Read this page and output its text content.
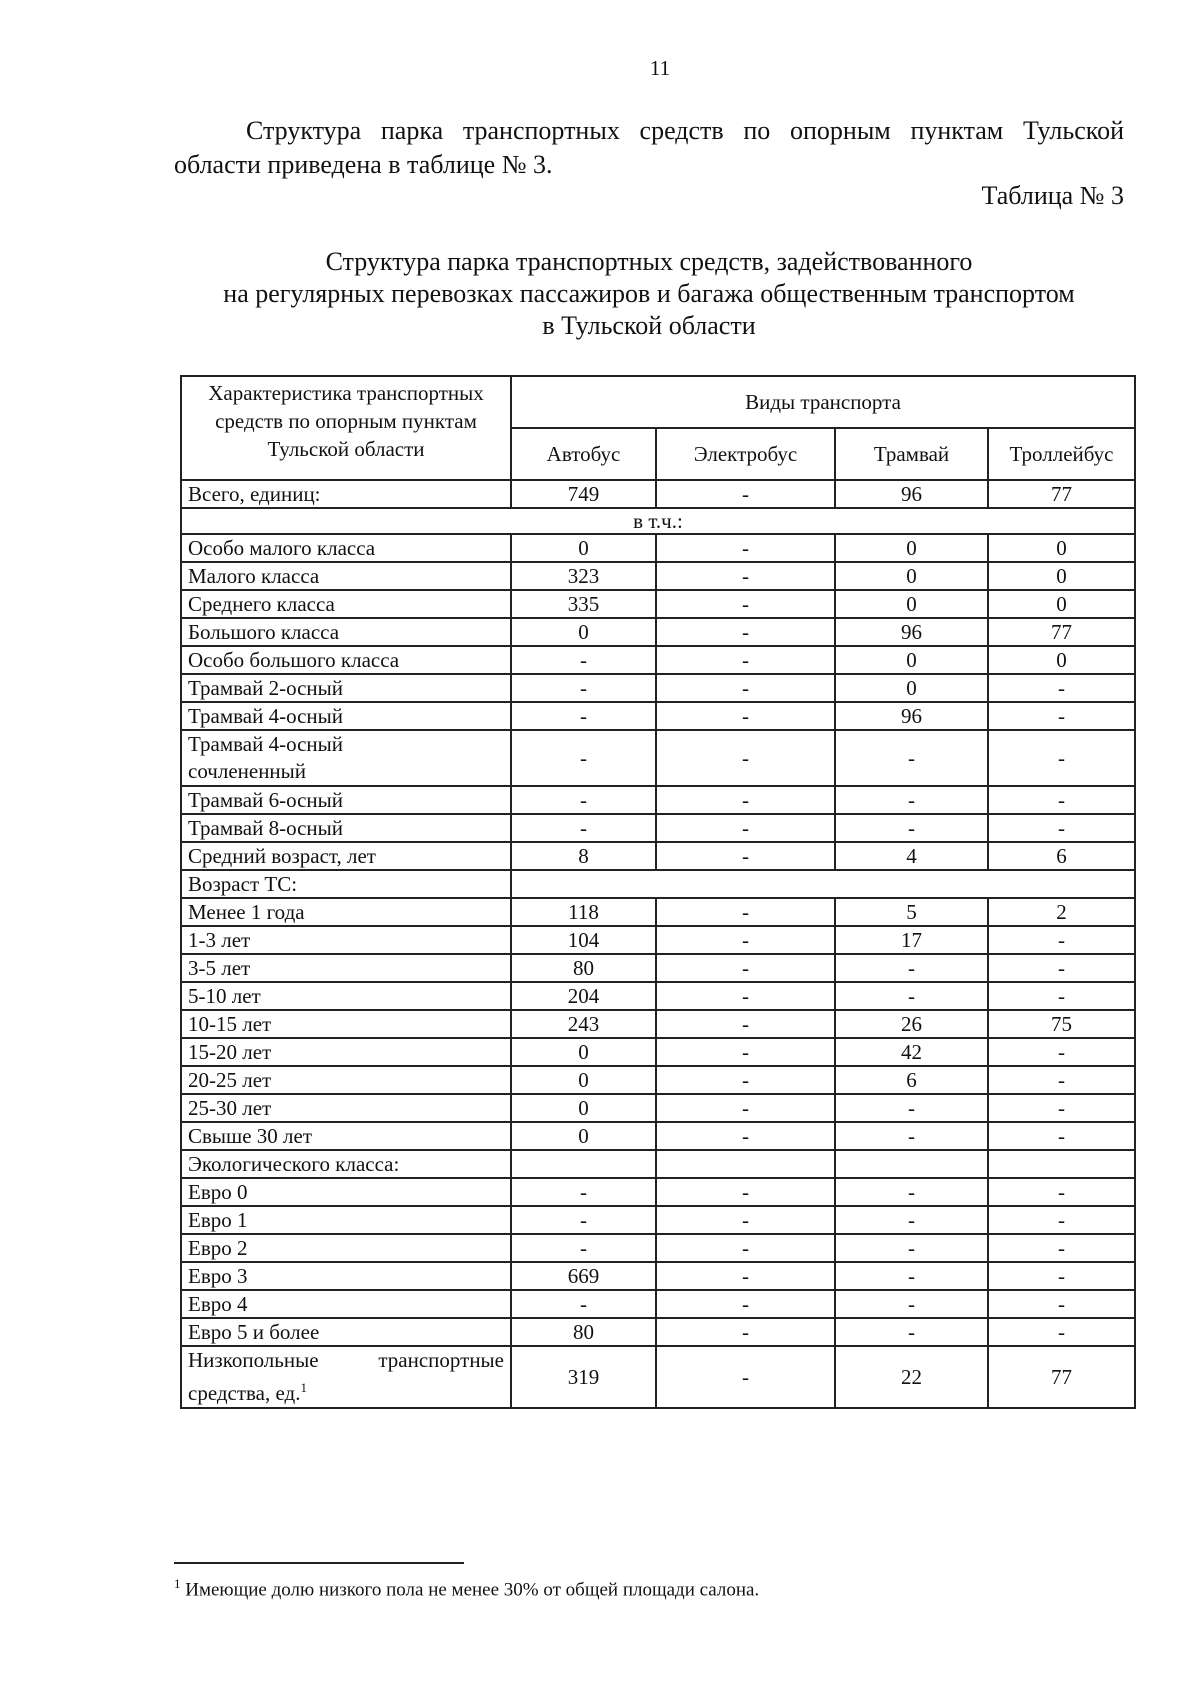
11

Структура парка транспортных средств по опорным пунктам Тульской области приведена в таблице № 3.

Таблица № 3
Структура парка транспортных средств, задействованного
на регулярных перевозках пассажиров и багажа общественным транспортом
в Тульской области
Характеристика транспортных средств по опорным пунктам Тульской области	Виды транспорта			
	Автобус	Электробус	Трамвай	Троллейбус
Всего, единиц:	749	-	96	77
в т.ч.:				
Особо малого класса	0	-	0	0
Малого класса	323	-	0	0
Среднего класса	335	-	0	0
Большого класса	0	-	96	77
Особо большого класса	-	-	0	0
Трамвай 2-осный	-	-	0	-
Трамвай 4-осный	-	-	96	-

Трамвай 4-осный
сочлененный	-	-	-	-
Трамвай 6-осный	-	-	-	-
Трамвай 8-осный	-	-	-	-
Средний возраст, лет	8	-	4	6
Возраст ТС:				
Менее 1 года	118	-	5	2
1-3 лет	104	-	17	-
3-5 лет	80	-	-	-
5-10 лет	204	-	-	-
10-15 лет	243	-	26	75
15-20 лет	0	-	42	-
20-25 лет	0	-	6	-
25-30 лет	0	-	-	-
Свыше 30 лет	0	-	-	-
Экологического класса:				
Евро 0	-	-	-	-
Евро 1	-	-	-	-
Евро 2	-	-	-	-
Евро 3	669	-	-	-
Евро 4	-	-	-	-
Евро 5 и более	80	-	-	-
Низкопольные транспортные средства, ед.$^1$	319	-	22	77
$^1$ Имеющие долю низкого пола не менее 30% от общей площади салона.
